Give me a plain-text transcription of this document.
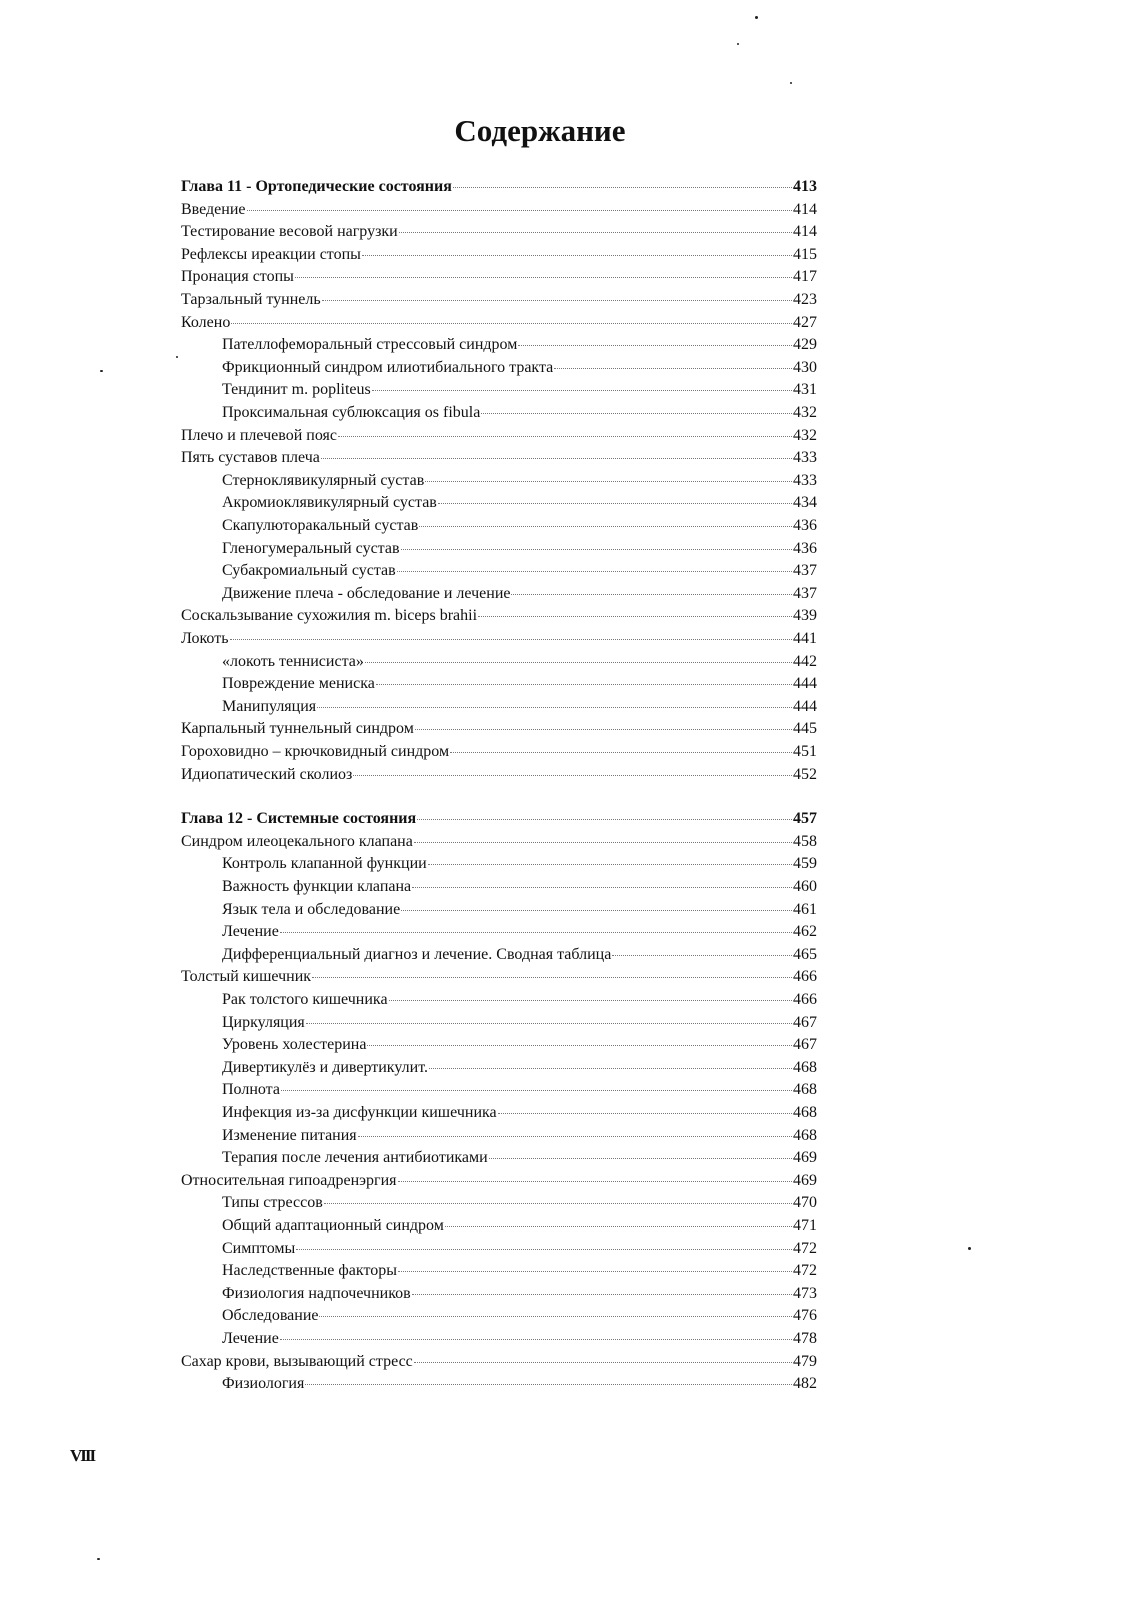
Содержание
Глава 11 - Ортопедические состояния	413
Введение	414
Тестирование весовой нагрузки	414
Рефлексы иреакции стопы	415
Пронация стопы	417
Тарзальный туннель	423
Колено	427
Пателлофеморальный стрессовый синдром	429
Фрикционный синдром илиотибиального тракта	430
Тендинит m. popliteus	431
Проксимальная сублюксация os fibula	432
Плечо и плечевой пояс	432
Пять суставов плеча	433
Стерноклявикулярный сустав	433
Акромиоклявикулярный сустав	434
Скапулюторакальный сустав	436
Гленогумеральный сустав	436
Субакромиальный сустав	437
Движение плеча - обследование и лечение	437
Соскальзывание сухожилия m. biceps brahii	439
Локоть	441
«локоть теннисиста»	442
Повреждение мениска	444
Манипуляция	444
Карпальный туннельный синдром	445
Гороховидно – крючковидный синдром	451
Идиопатический сколиоз	452
Глава 12 - Системные состояния	457
Синдром илеоцекального клапана	458
Контроль клапанной функции	459
Важность функции клапана	460
Язык тела и обследование	461
Лечение	462
Дифференциальный диагноз и лечение. Сводная таблица	465
Толстый кишечник	466
Рак толстого кишечника	466
Циркуляция	467
Уровень холестерина	467
Дивертикулёз и дивертикулит.	468
Полнота	468
Инфекция из-за дисфункции кишечника	468
Изменение питания	468
Терапия после лечения антибиотиками	469
Относительная гипоадренэргия	469
Типы стрессов	470
Общий адаптационный синдром	471
Симптомы	472
Наследственные факторы	472
Физиология надпочечников	473
Обследование	476
Лечение	478
Сахар крови, вызывающий стресс	479
Физиология	482
VIII
